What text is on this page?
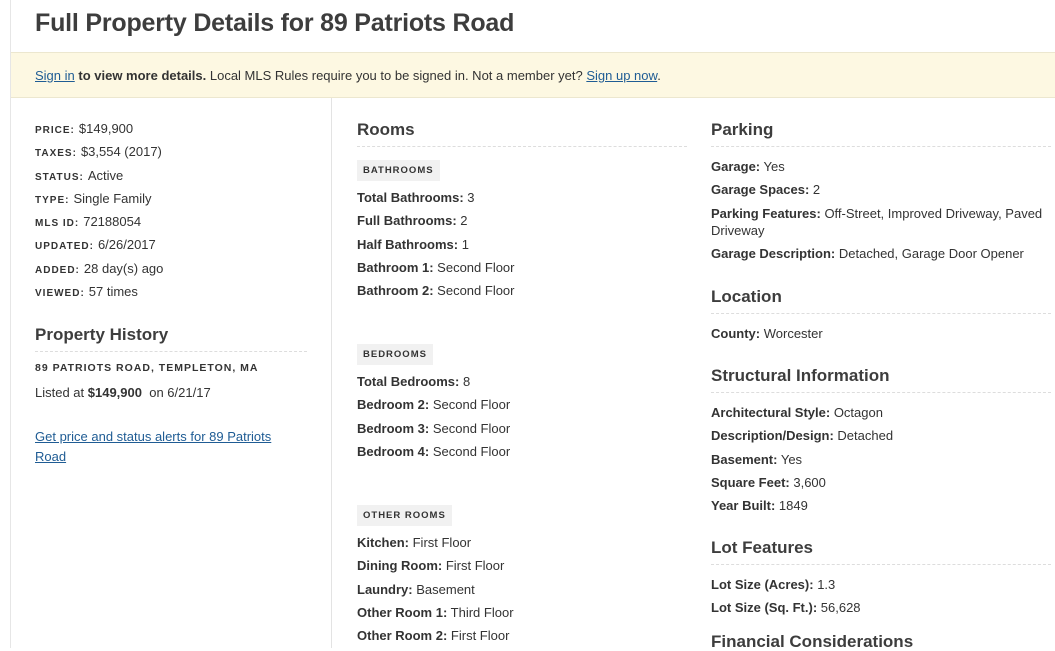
Full Property Details for 89 Patriots Road
Sign in to view more details. Local MLS Rules require you to be signed in. Not a member yet? Sign up now.
PRICE: $149,900
TAXES: $3,554 (2017)
STATUS: Active
TYPE: Single Family
MLS ID: 72188054
UPDATED: 6/26/2017
ADDED: 28 day(s) ago
VIEWED: 57 times
Property History
89 PATRIOTS ROAD, TEMPLETON, MA
Listed at $149,900  on 6/21/17
Get price and status alerts for 89 Patriots Road
Rooms
BATHROOMS
Total Bathrooms: 3
Full Bathrooms: 2
Half Bathrooms: 1
Bathroom 1: Second Floor
Bathroom 2: Second Floor
BEDROOMS
Total Bedrooms: 8
Bedroom 2: Second Floor
Bedroom 3: Second Floor
Bedroom 4: Second Floor
OTHER ROOMS
Kitchen: First Floor
Dining Room: First Floor
Laundry: Basement
Other Room 1: Third Floor
Other Room 2: First Floor
Parking
Garage: Yes
Garage Spaces: 2
Parking Features: Off-Street, Improved Driveway, Paved Driveway
Garage Description: Detached, Garage Door Opener
Location
County: Worcester
Structural Information
Architectural Style: Octagon
Description/Design: Detached
Basement: Yes
Square Feet: 3,600
Year Built: 1849
Lot Features
Lot Size (Acres): 1.3
Lot Size (Sq. Ft.): 56,628
Financial Considerations
